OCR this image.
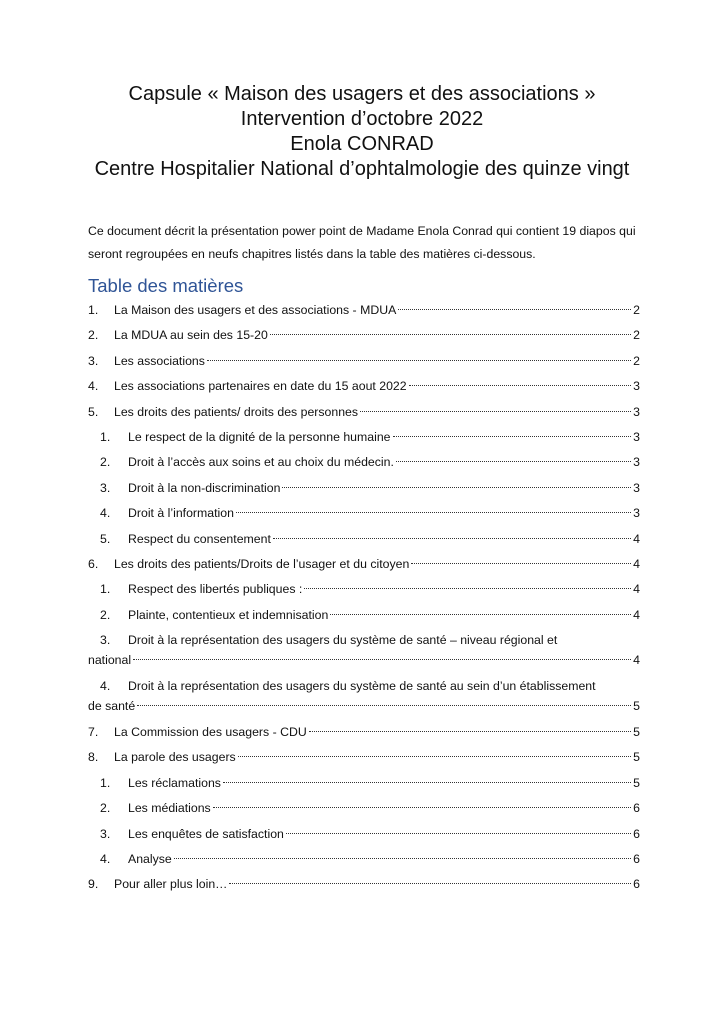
Capsule « Maison des usagers et des associations »
Intervention d’octobre 2022
Enola CONRAD
Centre Hospitalier National d’ophtalmologie des quinze vingt

Ce document décrit la présentation power point de Madame Enola Conrad qui contient 19 diapos qui seront regroupées en neufs chapitres listés dans la table des matières ci-dessous.

Table des matières
1.	La Maison des usagers et des associations - MDUA	2
2.	La MDUA au sein des 15-20	2
3.	Les associations	2
4.	Les associations partenaires en date du 15 aout 2022	3
5.	Les droits des patients/ droits des personnes	3
1.	Le respect de la dignité de la personne humaine	3
2.	Droit à l’accès aux soins et au choix du médecin.	3
3.	Droit à la non-discrimination	3
4.	Droit à l’information	3
5.	Respect du consentement	4
6.	Les droits des patients/Droits de l’usager et du citoyen	4
1.	Respect des libertés publiques :	4
2.	Plainte, contentieux et indemnisation	4
3.	Droit à la représentation des usagers du système de santé – niveau régional et
national	4
4.	Droit à la représentation des usagers du système de santé au sein d’un établissement
de santé	5
7.	La Commission des usagers - CDU	5
8.	La parole des usagers	5
1.	Les réclamations	5
2.	Les médiations	6
3.	Les enquêtes de satisfaction	6
4.	Analyse	6
9.	Pour aller plus loin…	6
